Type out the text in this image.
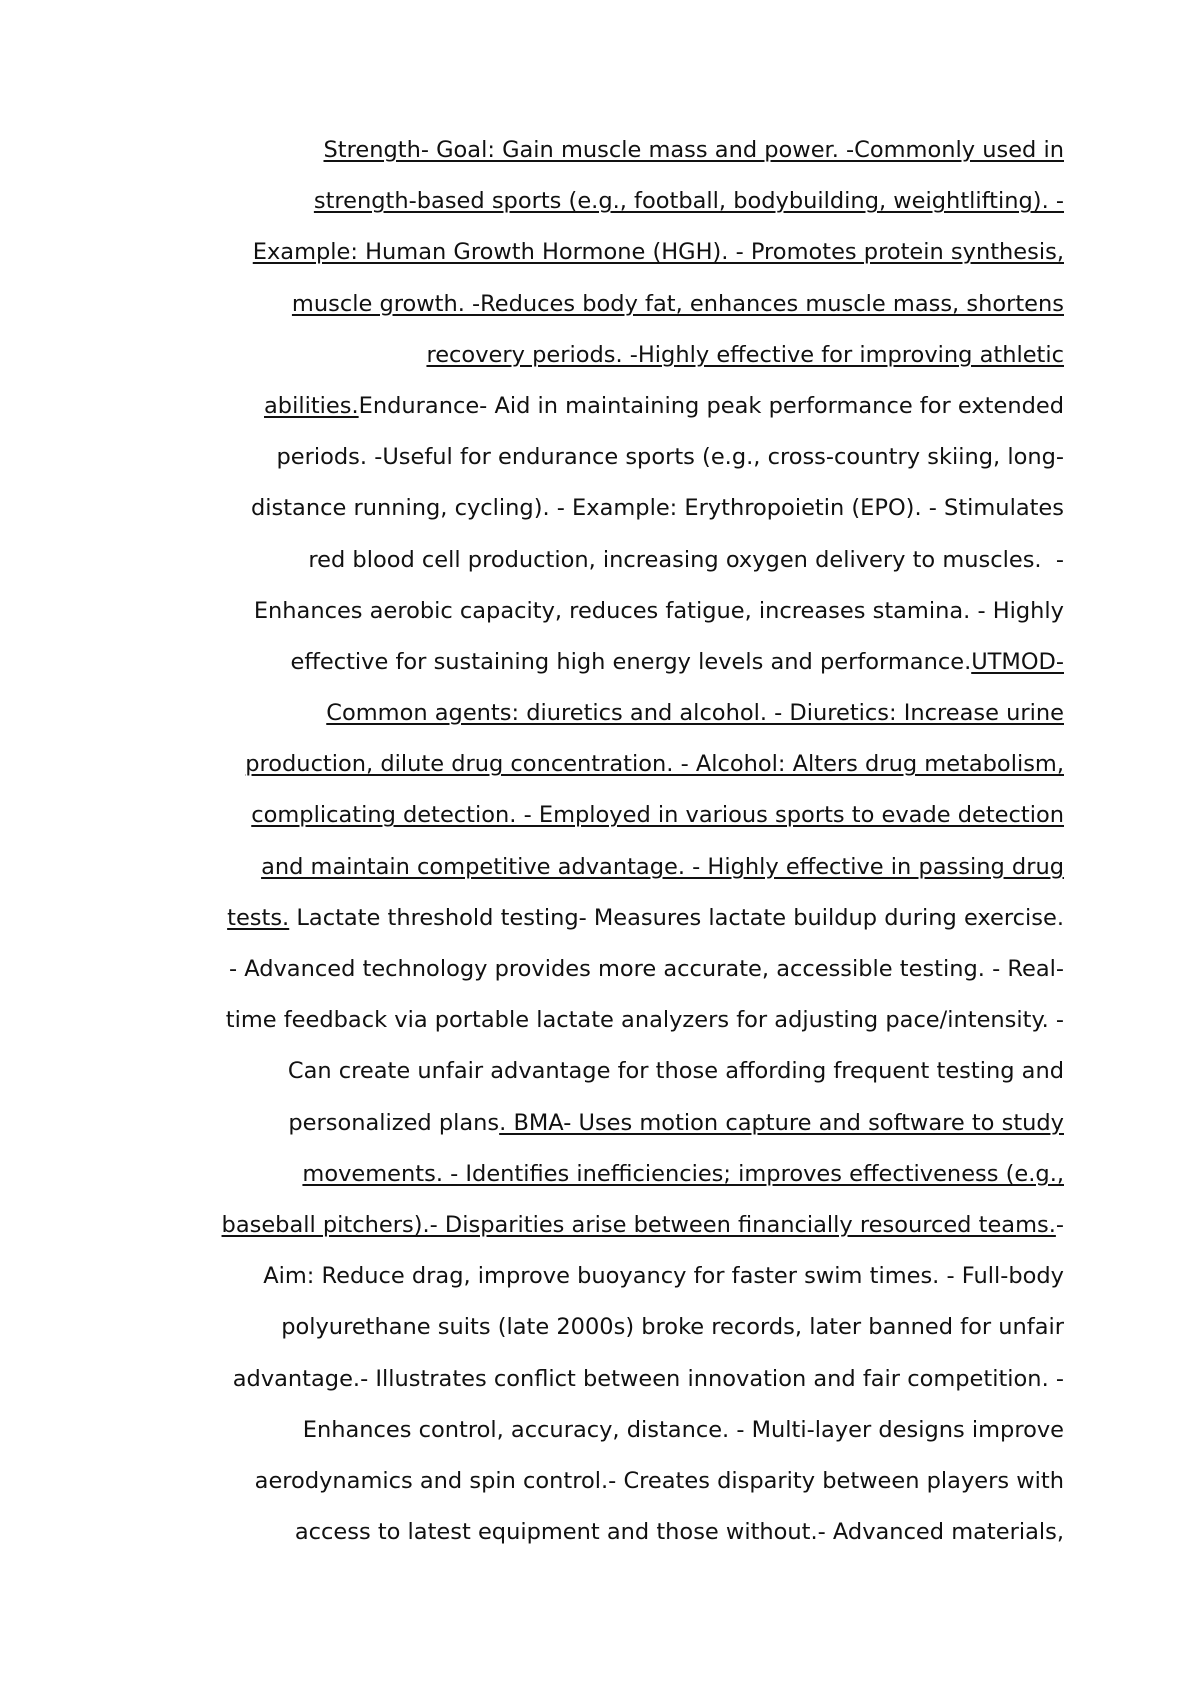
Strength- Goal: Gain muscle mass and power. -Commonly used in
strength-based sports (e.g., football, bodybuilding, weightlifting). -
Example: Human Growth Hormone (HGH). - Promotes protein synthesis,
muscle growth. -Reduces body fat, enhances muscle mass, shortens
recovery periods. -Highly effective for improving athletic
abilities.Endurance- Aid in maintaining peak performance for extended
periods. -Useful for endurance sports (e.g., cross-country skiing, long-
distance running, cycling). - Example: Erythropoietin (EPO). - Stimulates
red blood cell production, increasing oxygen delivery to muscles.  -
Enhances aerobic capacity, reduces fatigue, increases stamina. - Highly
effective for sustaining high energy levels and performance.UTMOD-
Common agents: diuretics and alcohol. - Diuretics: Increase urine
production, dilute drug concentration. - Alcohol: Alters drug metabolism,
complicating detection. - Employed in various sports to evade detection
and maintain competitive advantage. - Highly effective in passing drug
tests. Lactate threshold testing- Measures lactate buildup during exercise.
- Advanced technology provides more accurate, accessible testing. - Real-
time feedback via portable lactate analyzers for adjusting pace/intensity. -
Can create unfair advantage for those affording frequent testing and
personalized plans. BMA- Uses motion capture and software to study
movements. - Identifies inefficiencies; improves effectiveness (e.g.,
baseball pitchers).- Disparities arise between financially resourced teams.-
Aim: Reduce drag, improve buoyancy for faster swim times. - Full-body
polyurethane suits (late 2000s) broke records, later banned for unfair
advantage.- Illustrates conflict between innovation and fair competition. -
Enhances control, accuracy, distance. - Multi-layer designs improve
aerodynamics and spin control.- Creates disparity between players with
access to latest equipment and those without.- Advanced materials,
